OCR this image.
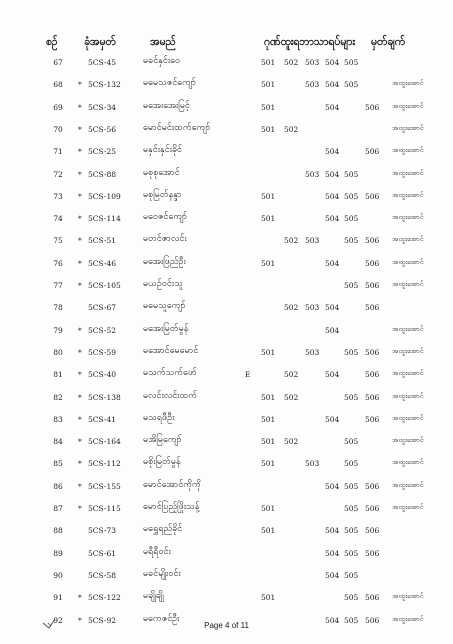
စဉ်	ခုံအမှတ်	အမည်	ဂုဏ်ထူးရဘာသာရပ်များ မှတ်ချက်
67	5CS-45	မခင်နှင်းဝေ	501 502 503 504 505
68	* 5CS-132 မမေသဇင်ကျော်	501	503 504 505	အထူးအောင်
69	* 5CS-34	မအေးအေးမြင့်	501	504	506 အထူးအောင်
70	* 5CS-56	မောင်မင်းထက်ကျော်	501 502	အထူးအောင်
71	* 5CS-25	မနှင်းနှင်းခိုင်	504	506 အထူးအောင်
72	* 5CS-88	မစုစုအောင်	503 504 505	အထူးအောင်
73	* 5CS-109 မစုမြတ်နန္ဒာ	501	504 505 506 အထူးအောင်
74	* 5CS-114 မဝေဇင်ကျော်	501	504 505	အထူးအောင်
75	* 5CS-51	မတင်ဇာလင်း	502 503	505 506 အထူးအောင်
76	* 5CS-46	မအေးဖြည်ဦး	501	504	506 အထူးအောင်
77	* 5CS-105 မယဉ်ဝင်းသူ	505 506 အထူးအောင်
78	5CS-67	မမေသူကျော်	502 503 504	506
79	* 5CS-52	မအေးမြတ်မွန်	504	အထူးအောင်
80	* 5CS-59	မအောင်မေမောင်	501	503	505 506 အထူးအောင်
81	* 5CS-40	မသက်သက်ဖော်	E	502	504	506 အထူးအောင်
82	* 5CS-138 မလင်းလင်းထက်	501 502	505 506 အထူးအောင်
83	* 5CS-41	မသရဖီဦး	501	504	506 အထူးအောင်
84	* 5CS-164 မအိမြကျော်	501 502	505	အထူးအောင်
85	* 5CS-112 မစိုးမြတ်မွန်	501	503	505	အထူးအောင်
86	* 5CS-155 မောင်အောင်ကိုကို	504 505 506 အထူးအောင်
87	* 5CS-115 မောင်ပြည့်ဖြိုးသန့်	501	505 506 အထူးအောင်
88	5CS-73	မရွှေရည်ခိုင်	501	504 505 506
89	5CS-61	မရီရီဝင်း	504 505 506
90	5CS-58	မခင်မျိုးဝင်း	504 505
91	* 5CS-122 မချိုချို	501	505 506 အထူးအောင်
92	* 5CS-92	မကေဇင်ဦး	504 505 506 အထူးအောင်
Page 4 of 11
